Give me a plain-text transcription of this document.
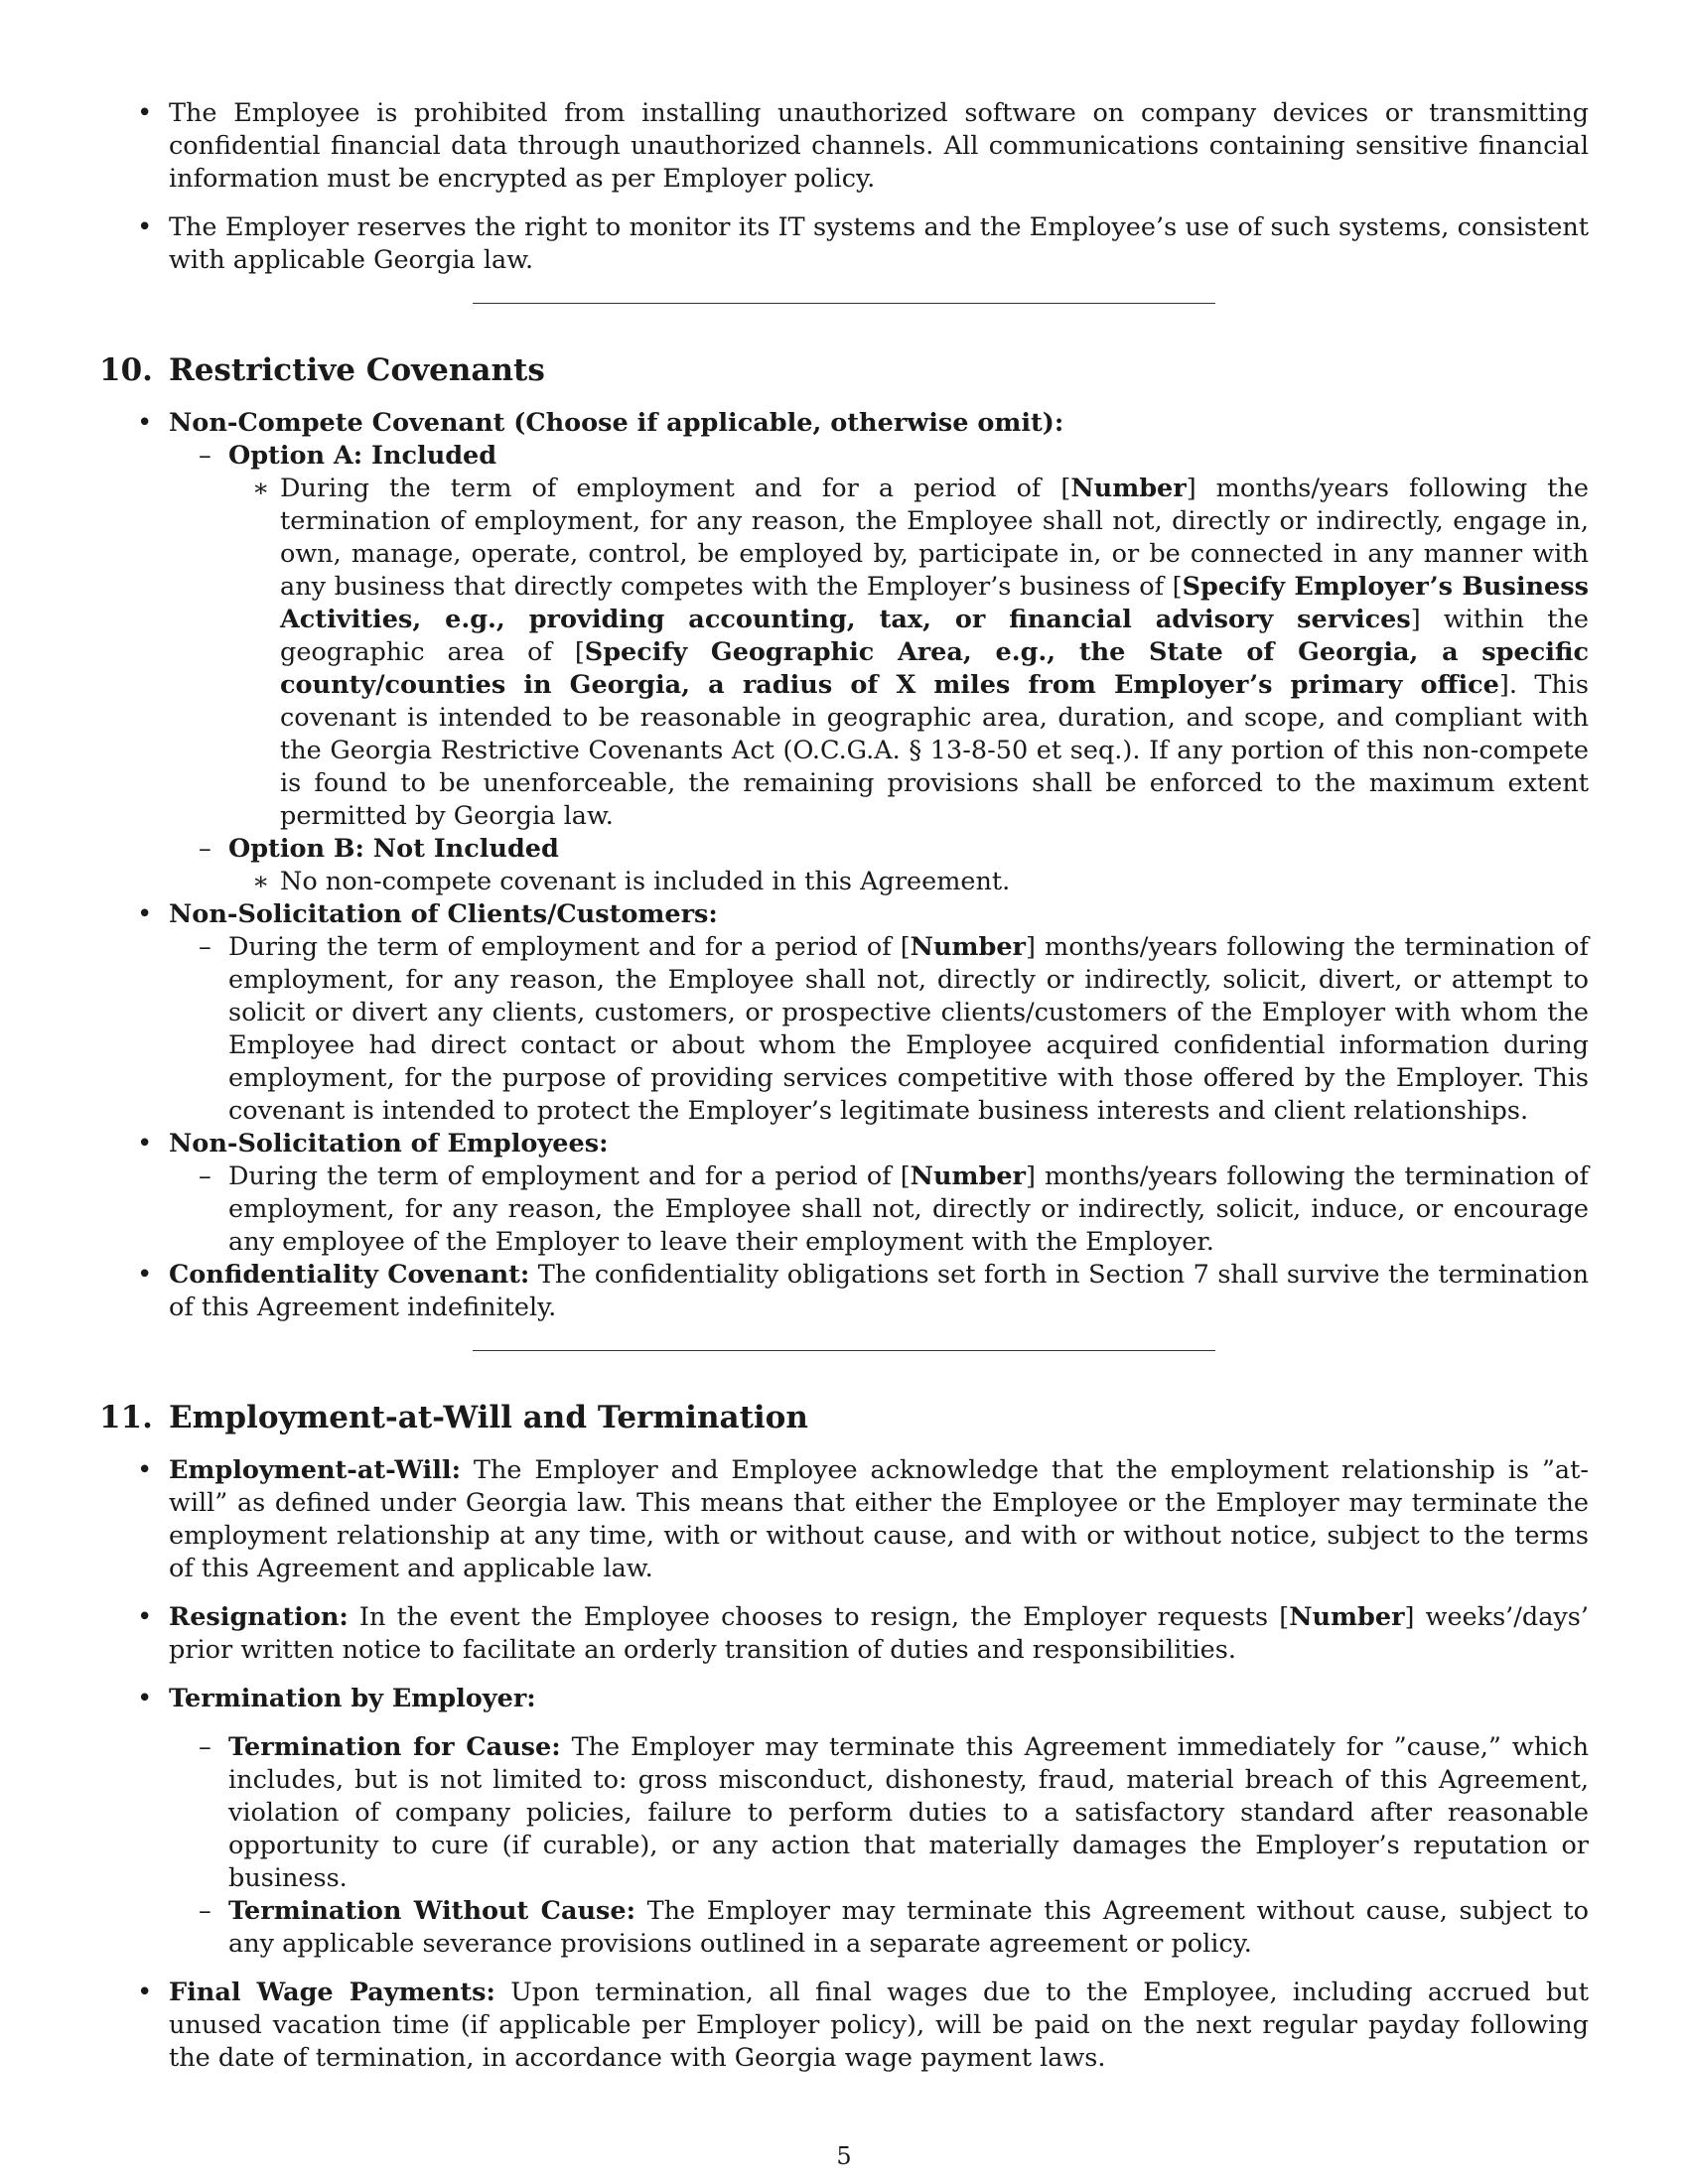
• The Employee is prohibited from installing unauthorized software on company devices or transmitting confidential financial data through unauthorized channels. All communications containing sensitive financial information must be encrypted as per Employer policy.
• The Employer reserves the right to monitor its IT systems and the Employee’s use of such systems, consistent with applicable Georgia law.
10. Restrictive Covenants
• Non-Compete Covenant (Choose if applicable, otherwise omit):
– Option A: Included
∗ During the term of employment and for a period of [Number] months/years following the termination of employment, for any reason, the Employee shall not, directly or indirectly, engage in, own, manage, operate, control, be employed by, participate in, or be connected in any manner with any business that directly competes with the Employer’s business of [Specify Employer’s Business Activities, e.g., providing accounting, tax, or financial advisory services] within the geographic area of [Specify Geographic Area, e.g., the State of Georgia, a specific county/counties in Georgia, a radius of X miles from Employer’s primary office]. This covenant is intended to be reasonable in geographic area, duration, and scope, and compliant with the Georgia Restrictive Covenants Act (O.C.G.A. § 13-8-50 et seq.). If any portion of this non-compete is found to be unenforceable, the remaining provisions shall be enforced to the maximum extent permitted by Georgia law.
– Option B: Not Included
∗ No non-compete covenant is included in this Agreement.
• Non-Solicitation of Clients/Customers:
– During the term of employment and for a period of [Number] months/years following the termination of employment, for any reason, the Employee shall not, directly or indirectly, solicit, divert, or attempt to solicit or divert any clients, customers, or prospective clients/customers of the Employer with whom the Employee had direct contact or about whom the Employee acquired confidential information during employment, for the purpose of providing services competitive with those offered by the Employer. This covenant is intended to protect the Employer’s legitimate business interests and client relationships.
• Non-Solicitation of Employees:
– During the term of employment and for a period of [Number] months/years following the termination of employment, for any reason, the Employee shall not, directly or indirectly, solicit, induce, or encourage any employee of the Employer to leave their employment with the Employer.
• Confidentiality Covenant: The confidentiality obligations set forth in Section 7 shall survive the termination of this Agreement indefinitely.
11. Employment-at-Will and Termination
• Employment-at-Will: The Employer and Employee acknowledge that the employment relationship is ”at-will” as defined under Georgia law. This means that either the Employee or the Employer may terminate the employment relationship at any time, with or without cause, and with or without notice, subject to the terms of this Agreement and applicable law.
• Resignation: In the event the Employee chooses to resign, the Employer requests [Number] weeks’/days’ prior written notice to facilitate an orderly transition of duties and responsibilities.
• Termination by Employer:
– Termination for Cause: The Employer may terminate this Agreement immediately for ”cause,” which includes, but is not limited to: gross misconduct, dishonesty, fraud, material breach of this Agreement, violation of company policies, failure to perform duties to a satisfactory standard after reasonable opportunity to cure (if curable), or any action that materially damages the Employer’s reputation or business.
– Termination Without Cause: The Employer may terminate this Agreement without cause, subject to any applicable severance provisions outlined in a separate agreement or policy.
• Final Wage Payments: Upon termination, all final wages due to the Employee, including accrued but unused vacation time (if applicable per Employer policy), will be paid on the next regular payday following the date of termination, in accordance with Georgia wage payment laws.
5
